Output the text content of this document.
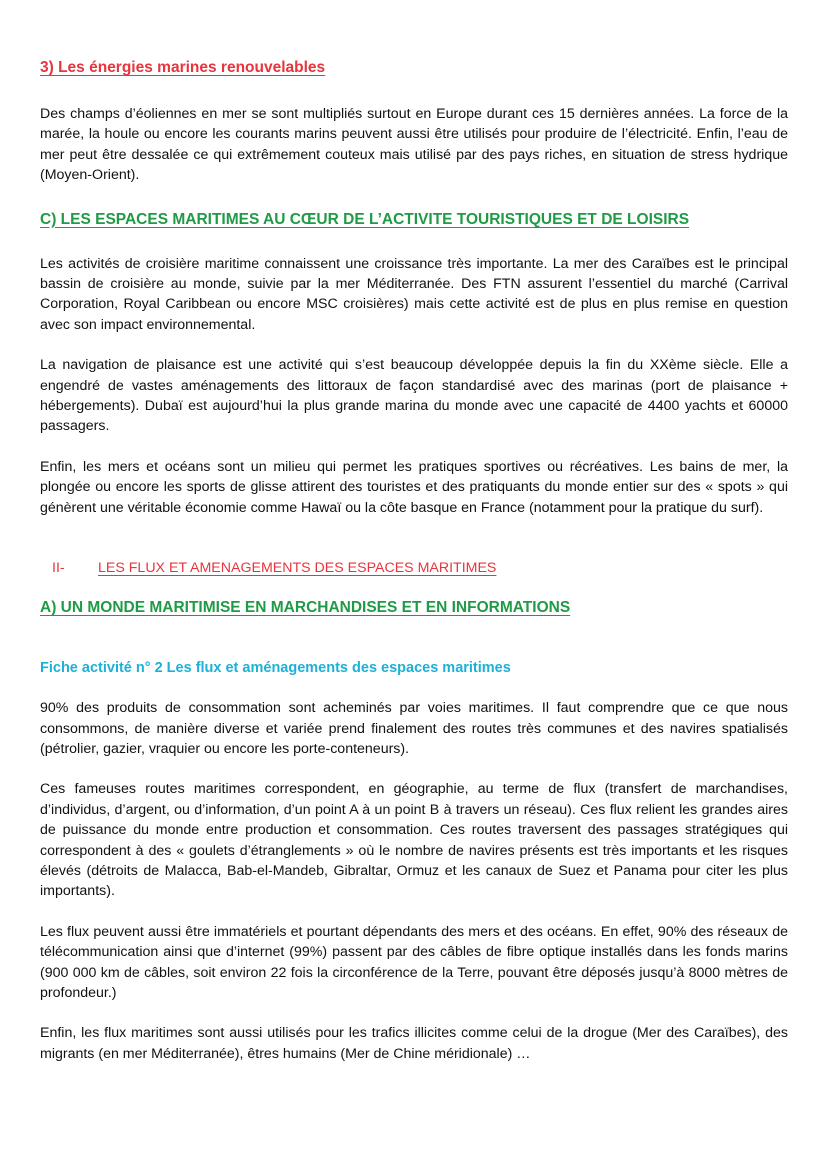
3) Les énergies marines renouvelables

Des champs d’éoliennes en mer se sont multipliés surtout en Europe durant ces 15 dernières années. La force de la marée, la houle ou encore les courants marins peuvent aussi être utilisés pour produire de l’électricité. Enfin, l’eau de mer peut être dessalée ce qui extrêmement couteux mais utilisé par des pays riches, en situation de stress hydrique (Moyen-Orient).

C) LES ESPACES MARITIMES AU CŒUR DE L’ACTIVITE TOURISTIQUES ET DE LOISIRS

Les activités de croisière maritime connaissent une croissance très importante. La mer des Caraïbes est le principal bassin de croisière au monde, suivie par la mer Méditerranée. Des FTN assurent l’essentiel du marché (Carrival Corporation, Royal Caribbean ou encore MSC croisières) mais cette activité est de plus en plus remise en question avec son impact environnemental.

La navigation de plaisance est une activité qui s’est beaucoup développée depuis la fin du XXème siècle. Elle a engendré de vastes aménagements des littoraux de façon standardisé avec des marinas (port de plaisance + hébergements). Dubaï est aujourd’hui la plus grande marina du monde avec une capacité de 4400 yachts et 60000 passagers.

Enfin, les mers et océans sont un milieu qui permet les pratiques sportives ou récréatives. Les bains de mer, la plongée ou encore les sports de glisse attirent des touristes et des pratiquants du monde entier sur des « spots » qui génèrent une véritable économie comme Hawaï ou la côte basque en France (notamment pour la pratique du surf).

II-	LES FLUX ET AMENAGEMENTS DES ESPACES MARITIMES
A) UN MONDE MARITIMISE EN MARCHANDISES ET EN INFORMATIONS
Fiche activité n° 2 Les flux et aménagements des espaces maritimes

90% des produits de consommation sont acheminés par voies maritimes. Il faut comprendre que ce que nous consommons, de manière diverse et variée prend finalement des routes très communes et des navires spatialisés (pétrolier, gazier, vraquier ou encore les porte-conteneurs).

Ces fameuses routes maritimes correspondent, en géographie, au terme de flux (transfert de marchandises, d’individus, d’argent, ou d’information, d’un point A à un point B à travers un réseau). Ces flux relient les grandes aires de puissance du monde entre production et consommation. Ces routes traversent des passages stratégiques qui correspondent à des « goulets d’étranglements » où le nombre de navires présents est très importants et les risques élevés (détroits de Malacca, Bab-el-Mandeb, Gibraltar, Ormuz et les canaux de Suez et Panama pour citer les plus importants).

Les flux peuvent aussi être immatériels et pourtant dépendants des mers et des océans. En effet, 90% des réseaux de télécommunication ainsi que d’internet (99%) passent par des câbles de fibre optique installés dans les fonds marins (900 000 km de câbles, soit environ 22 fois la circonférence de la Terre, pouvant être déposés jusqu’à 8000 mètres de profondeur.)

Enfin, les flux maritimes sont aussi utilisés pour les trafics illicites comme celui de la drogue (Mer des Caraïbes), des migrants (en mer Méditerranée), êtres humains (Mer de Chine méridionale) …
